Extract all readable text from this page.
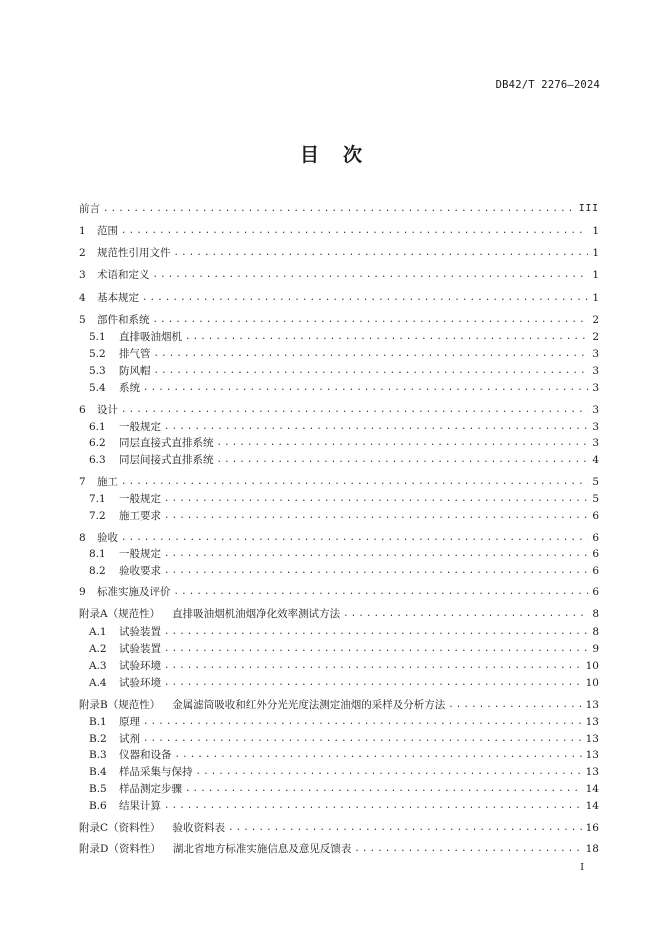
DB42/T 2276—2024
目次
前言 .....	III
1	范围 .....	1
2	规范性引用文件 .....	1
3	术语和定义 .....	1
4	基本规定 .....	1
5	部件和系统 .....	2
5.1	直排吸油烟机 .....	2
5.2	排气管 .....	3
5.3	防风帽 .....	3
5.4	系统 .....	3
6	设计 .....	3
6.1	一般规定 .....	3
6.2	同层直接式直排系统 .....	3
6.3	同层间接式直排系统 .....	4
7	施工 .....	5
7.1	一般规定 .....	5
7.2	施工要求 .....	6
8	验收 .....	6
8.1	一般规定 .....	6
8.2	验收要求 .....	6
9	标准实施及评价 .....	6
附录A（规范性） 直排吸油烟机油烟净化效率测试方法 .....	8
A.1	试验装置 .....	8
A.2	试验装置 .....	9
A.3	试验环境 .....	10
A.4	试验环境 .....	10
附录B（规范性） 金属滤筒吸收和红外分光光度法测定油烟的采样及分析方法 .....	13
B.1	原理 .....	13
B.2	试剂 .....	13
B.3	仪器和设备 .....	13
B.4	样品采集与保持 .....	13
B.5	样品测定步骤 .....	14
B.6	结果计算 .....	14
附录C（资料性） 验收资料表 .....	16
附录D（资料性） 湖北省地方标准实施信息及意见反馈表 .....	18
I
